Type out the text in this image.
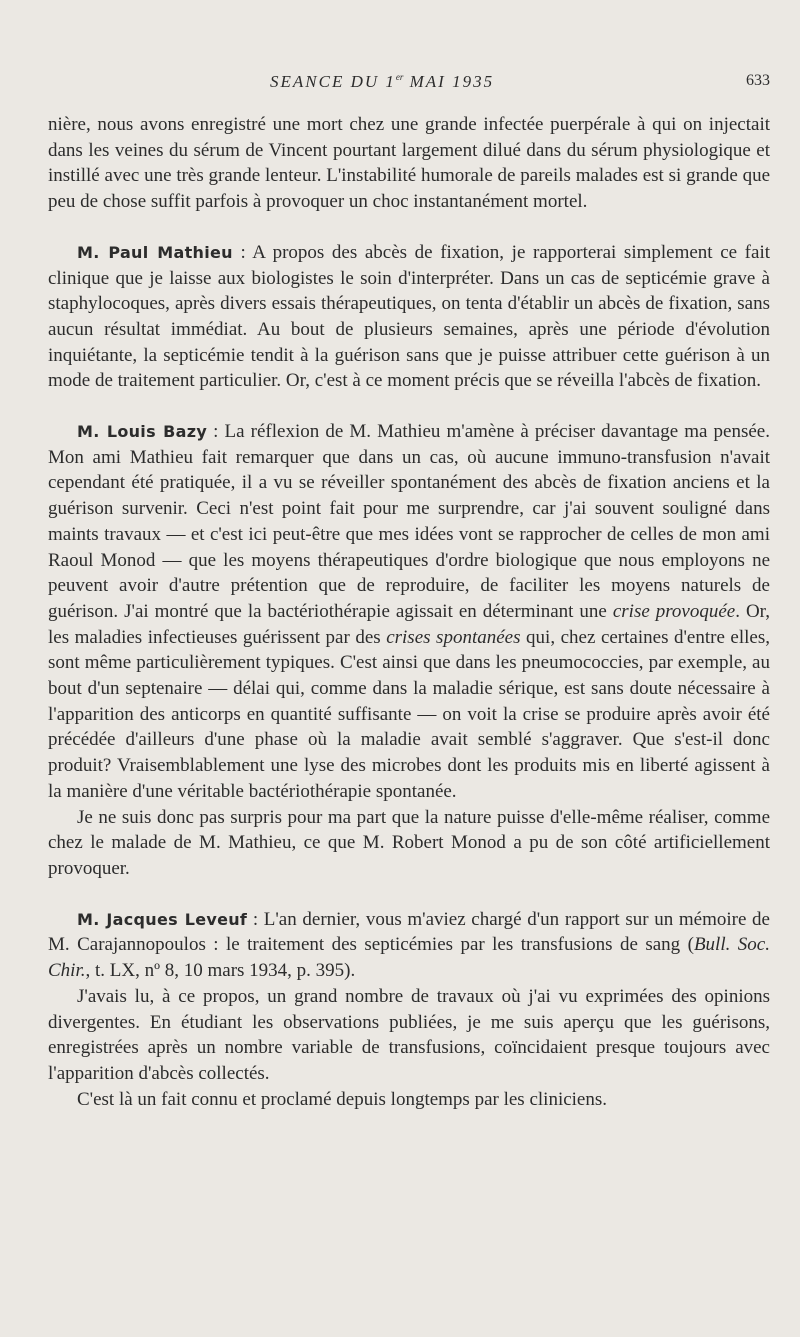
SEANCE DU 1er MAI 1935	633

nière, nous avons enregistré une mort chez une grande infectée puerpérale à qui on injectait dans les veines du sérum de Vincent pourtant largement dilué dans du sérum physiologique et instillé avec une très grande lenteur. L'instabilité humorale de pareils malades est si grande que peu de chose suffit parfois à provoquer un choc instantanément mortel.

M. Paul Mathieu : A propos des abcès de fixation, je rapporterai simplement ce fait clinique que je laisse aux biologistes le soin d'interpréter. Dans un cas de septicémie grave à staphylocoques, après divers essais thérapeutiques, on tenta d'établir un abcès de fixation, sans aucun résultat immédiat. Au bout de plusieurs semaines, après une période d'évolution inquiétante, la septicémie tendit à la guérison sans que je puisse attribuer cette guérison à un mode de traitement particulier. Or, c'est à ce moment précis que se réveilla l'abcès de fixation.

M. Louis Bazy : La réflexion de M. Mathieu m'amène à préciser davantage ma pensée. Mon ami Mathieu fait remarquer que dans un cas, où aucune immuno-transfusion n'avait cependant été pratiquée, il a vu se réveiller spontanément des abcès de fixation anciens et la guérison survenir. Ceci n'est point fait pour me surprendre, car j'ai souvent souligné dans maints travaux — et c'est ici peut-être que mes idées vont se rapprocher de celles de mon ami Raoul Monod — que les moyens thérapeutiques d'ordre biologique que nous employons ne peuvent avoir d'autre prétention que de reproduire, de faciliter les moyens naturels de guérison. J'ai montré que la bactériothérapie agissait en déterminant une crise provoquée. Or, les maladies infectieuses guérissent par des crises spontanées qui, chez certaines d'entre elles, sont même particulièrement typiques. C'est ainsi que dans les pneumococcies, par exemple, au bout d'un septenaire — délai qui, comme dans la maladie sérique, est sans doute nécessaire à l'apparition des anticorps en quantité suffisante — on voit la crise se produire après avoir été précédée d'ailleurs d'une phase où la maladie avait semblé s'aggraver. Que s'est-il donc produit? Vraisemblablement une lyse des microbes dont les produits mis en liberté agissent à la manière d'une véritable bactériothérapie spontanée.

Je ne suis donc pas surpris pour ma part que la nature puisse d'elle-même réaliser, comme chez le malade de M. Mathieu, ce que M. Robert Monod a pu de son côté artificiellement provoquer.

M. Jacques Leveuf : L'an dernier, vous m'aviez chargé d'un rapport sur un mémoire de M. Carajannopoulos : le traitement des septicémies par les transfusions de sang (Bull. Soc. Chir., t. LX, nº 8, 10 mars 1934, p. 395).

J'avais lu, à ce propos, un grand nombre de travaux où j'ai vu exprimées des opinions divergentes. En étudiant les observations publiées, je me suis aperçu que les guérisons, enregistrées après un nombre variable de transfusions, coïncidaient presque toujours avec l'apparition d'abcès collectés.

C'est là un fait connu et proclamé depuis longtemps par les cliniciens.
